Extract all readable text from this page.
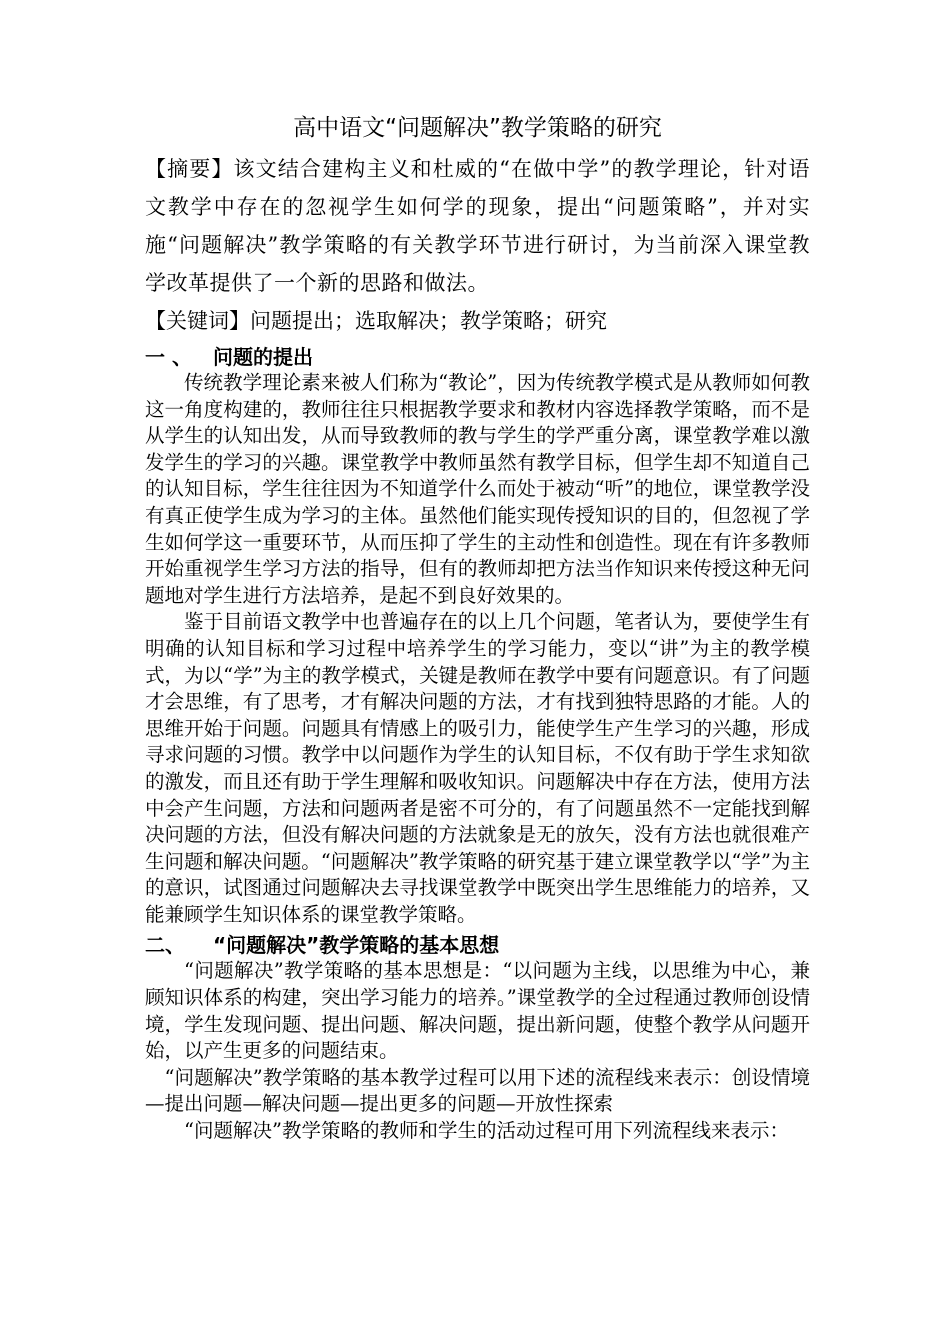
高中语文“问题解决”教学策略的研究

【摘要】该文结合建构主义和杜威的“在做中学”的教学理论，针对语文教学中存在的忽视学生如何学的现象，提出“问题策略”，并对实施“问题解决”教学策略的有关教学环节进行研讨，为当前深入课堂教学改革提供了一个新的思路和做法。

【关键词】问题提出；选取解决；教学策略；研究

一 、 问题的提出

传统教学理论素来被人们称为“教论”，因为传统教学模式是从教师如何教这一角度构建的，教师往往只根据教学要求和教材内容选择教学策略，而不是从学生的认知出发，从而导致教师的教与学生的学严重分离，课堂教学难以激发学生的学习的兴趣。课堂教学中教师虽然有教学目标，但学生却不知道自己的认知目标，学生往往因为不知道学什么而处于被动“听”的地位，课堂教学没有真正使学生成为学习的主体。虽然他们能实现传授知识的目的，但忽视了学生如何学这一重要环节，从而压抑了学生的主动性和创造性。现在有许多教师开始重视学生学习方法的指导，但有的教师却把方法当作知识来传授这种无问题地对学生进行方法培养，是起不到良好效果的。

鉴于目前语文教学中也普遍存在的以上几个问题，笔者认为，要使学生有明确的认知目标和学习过程中培养学生的学习能力，变以“讲”为主的教学模式，为以“学”为主的教学模式，关键是教师在教学中要有问题意识。有了问题才会思维，有了思考，才有解决问题的方法，才有找到独特思路的才能。人的思维开始于问题。问题具有情感上的吸引力，能使学生产生学习的兴趣，形成寻求问题的习惯。教学中以问题作为学生的认知目标，不仅有助于学生求知欲的激发，而且还有助于学生理解和吸收知识。问题解决中存在方法，使用方法中会产生问题，方法和问题两者是密不可分的，有了问题虽然不一定能找到解决问题的方法，但没有解决问题的方法就象是无的放矢，没有方法也就很难产生问题和解决问题。“问题解决”教学策略的研究基于建立课堂教学以“学”为主的意识，试图通过问题解决去寻找课堂教学中既突出学生思维能力的培养，又能兼顾学生知识体系的课堂教学策略。

二、 “问题解决”教学策略的基本思想

“问题解决”教学策略的基本思想是：“以问题为主线，以思维为中心，兼顾知识体系的构建，突出学习能力的培养。”课堂教学的全过程通过教师创设情境，学生发现问题、提出问题、解决问题，提出新问题，使整个教学从问题开始，以产生更多的问题结束。

“问题解决”教学策略的基本教学过程可以用下述的流程线来表示：创设情境—提出问题—解决问题—提出更多的问题—开放性探索

“问题解决”教学策略的教师和学生的活动过程可用下列流程线来表示：
